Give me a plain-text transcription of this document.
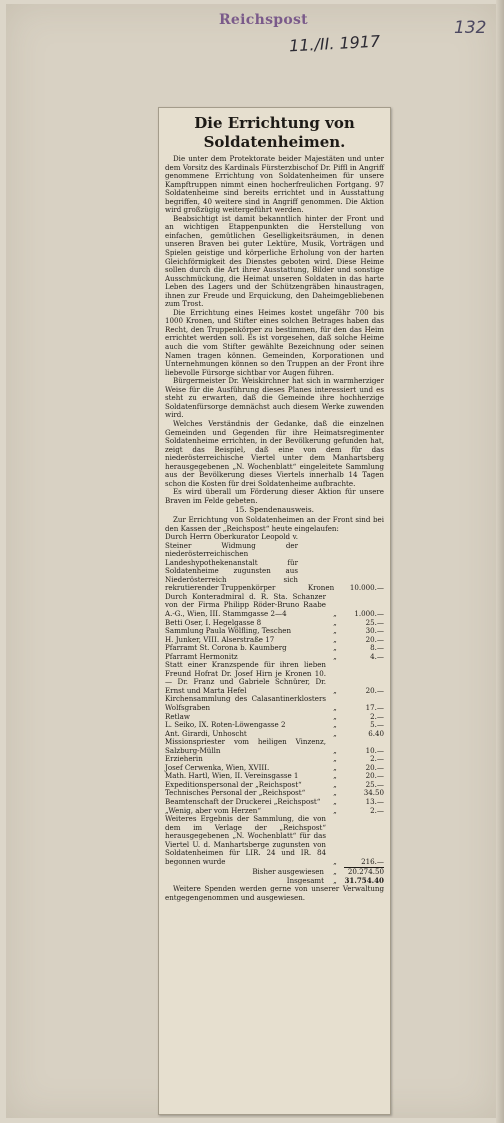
Reichspost
11./II. 1917
132
Die Errichtung von
Soldatenheimen.

Die unter dem Protektorate beider Majestäten und unter dem Vorsitz des Kardinals Fürsterzbischof Dr. Piffl in Angriff genommene Errichtung von Soldatenheimen für unsere Kampftruppen nimmt einen hocherfreulichen Fortgang. 97 Soldatenheime sind bereits errichtet und in Ausstattung begriffen, 40 weitere sind in Angriff genommen. Die Aktion wird großzügig weitergeführt werden.

Beabsichtigt ist damit bekanntlich hinter der Front und an wichtigen Etappenpunkten die Herstellung von einfachen, gemütlichen Geselligkeitsräumen, in denen unseren Braven bei guter Lektüre, Musik, Vorträgen und Spielen geistige und körperliche Erholung von der harten Gleichförmigkeit des Dienstes geboten wird. Diese Heime sollen durch die Art ihrer Ausstattung, Bilder und sonstige Ausschmückung, die Heimat unseren Soldaten in das harte Leben des Lagers und der Schützengräben hinaustragen, ihnen zur Freude und Erquickung, den Daheimgebliebenen zum Trost.

Die Errichtung eines Heimes kostet ungefähr 700 bis 1000 Kronen, und Stifter eines solchen Betrages haben das Recht, den Truppenkörper zu bestimmen, für den das Heim errichtet werden soll. Es ist vorgesehen, daß solche Heime auch die vom Stifter gewählte Bezeichnung oder seinen Namen tragen können. Gemeinden, Korporationen und Unternehmungen können so den Truppen an der Front ihre liebevolle Fürsorge sichtbar vor Augen führen.

Bürgermeister Dr. Weiskirchner hat sich in warmherziger Weise für die Ausführung dieses Planes interessiert und es steht zu erwarten, daß die Gemeinde ihre hochherzige Soldatenfürsorge demnächst auch diesem Werke zuwenden wird.

Welches Verständnis der Gedanke, daß die einzelnen Gemeinden und Gegenden für ihre Heimatsregimenter Soldatenheime errichten, in der Bevölkerung gefunden hat, zeigt das Beispiel, daß eine von dem für das niederösterreichische Viertel unter dem Manhartsberg herausgegebenen „N. Wochenblatt“ eingeleitete Sammlung aus der Bevölkerung dieses Viertels innerhalb 14 Tagen schon die Kosten für drei Soldatenheime aufbrachte.

Es wird überall um Förderung dieser Aktion für unsere Braven im Felde gebeten.

15. Spendenausweis.

Zur Errichtung von Soldatenheimen an der Front sind bei den Kassen der „Reichspost“ heute eingelaufen:

Durch Herrn Oberkurator Leopold v. Steiner Widmung der niederösterreichischen Landeshypothekenanstalt für Soldatenheime zugunsten aus Niederösterreich sich rekrutierender Truppenkörper	Kronen	10.000.—
Durch Konteradmiral d. R. Sta. Schanzer von der Firma Philipp Röder-Bruno Raabe A.-G., Wien, III. Stammgasse 2—4	„	1.000.—
Betti Oser, I. Hegelgasse 8	„	25.—
Sammlung Paula Wölfling, Teschen	„	30.—
H. Junker, VIII. Alserstraße 17	„	20.—
Pfarramt St. Corona b. Kaumberg	„	8.—
Pfarramt Hermonitz	„	4.—
Statt einer Kranzspende für ihren lieben Freund Hofrat Dr. Josef Hirn je Kronen 10.— Dr. Franz und Gabriele Schnürer, Dr. Ernst und Marta Hefel	„	20.—
Kirchensammlung des Calasantinerklosters Wolfsgraben	„	17.—
Retlaw	„	2.—
L. Seiko, IX. Roten-Löwengasse 2	„	5.—
Ant. Girardi, Unhoscht	„	6.40
Missionspriester vom heiligen Vinzenz, Salzburg-Mülln	„	10.—
Erzieherin	„	2.—
Josef Cerwenka, Wien, XVIII.	„	20.—
Math. Hartl, Wien, II. Vereinsgasse 1	„	20.—
Expeditionspersonal der „Reichspost“	„	25.—
Technisches Personal der „Reichspost“	„	34.50
Beamtenschaft der Druckerei „Reichspost“	„	13.—
„Wenig, aber vom Herzen“	„	2.—
Weiteres Ergebnis der Sammlung, die von dem im Verlage der „Reichspost“ herausgegebenen „N. Wochenblatt“ für das Viertel U. d. Manhartsberge zugunsten von Soldatenheimen für LIR. 24 und IR. 84 begonnen wurde	„	216.—
Bisher ausgewiesen	„	20.274.50
Insgesamt	„	31.754.40

Weitere Spenden werden gerne von unserer Verwaltung entgegengenommen und ausgewiesen.
